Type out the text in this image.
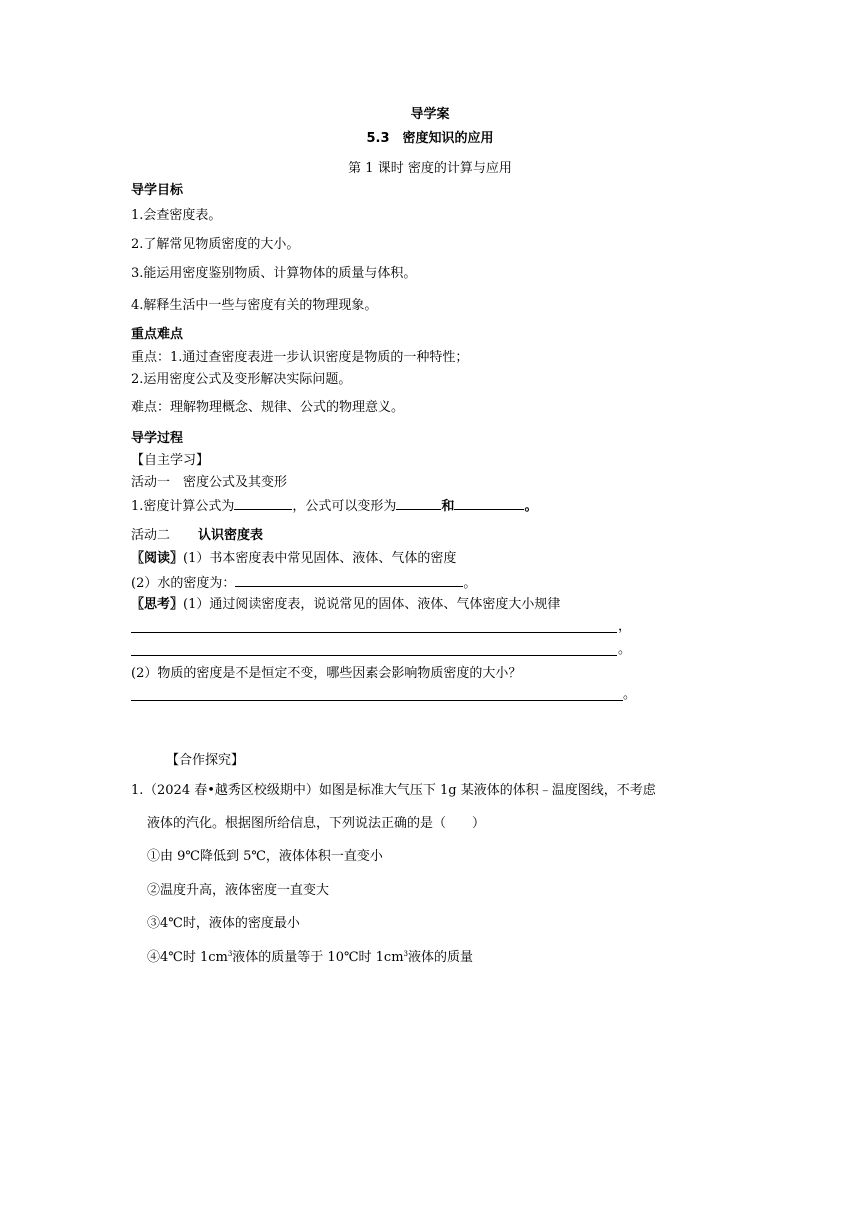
导学案
5.3　密度知识的应用
第 1 课时 密度的计算与应用
导学目标
1.会查密度表。
2.了解常见物质密度的大小。
3.能运用密度鉴别物质、计算物体的质量与体积。
4.解释生活中一些与密度有关的物理现象。
重点难点
重点：1.通过查密度表进一步认识密度是物质的一种特性；
2.运用密度公式及变形解决实际问题。
难点：理解物理概念、规律、公式的物理意义。
导学过程
【自主学习】
活动一　密度公式及其变形
1.密度计算公式为	，公式可以变形为	和	。
活动二 认识密度表
〖阅读〗(1）书本密度表中常见固体、液体、气体的密度
(2）水的密度为：	。
〖思考〗(1）通过阅读密度表，说说常见的固体、液体、气体密度大小规律
，
。
(2）物质的密度是不是恒定不变，哪些因素会影响物质密度的大小？
。
【合作探究】
1. （2024 春•越秀区校级期中）如图是标准大气压下 1g 某液体的体积﹣温度图线，不考虑
液体的汽化。根据图所给信息，下列说法正确的是（　　）
①由 9℃降低到 5℃，液体体积一直变小
②温度升高，液体密度一直变大
③4℃时，液体的密度最小
④4℃时 $1cm^3$液体的质量等于 10℃时 $1cm^3$液体的质量
